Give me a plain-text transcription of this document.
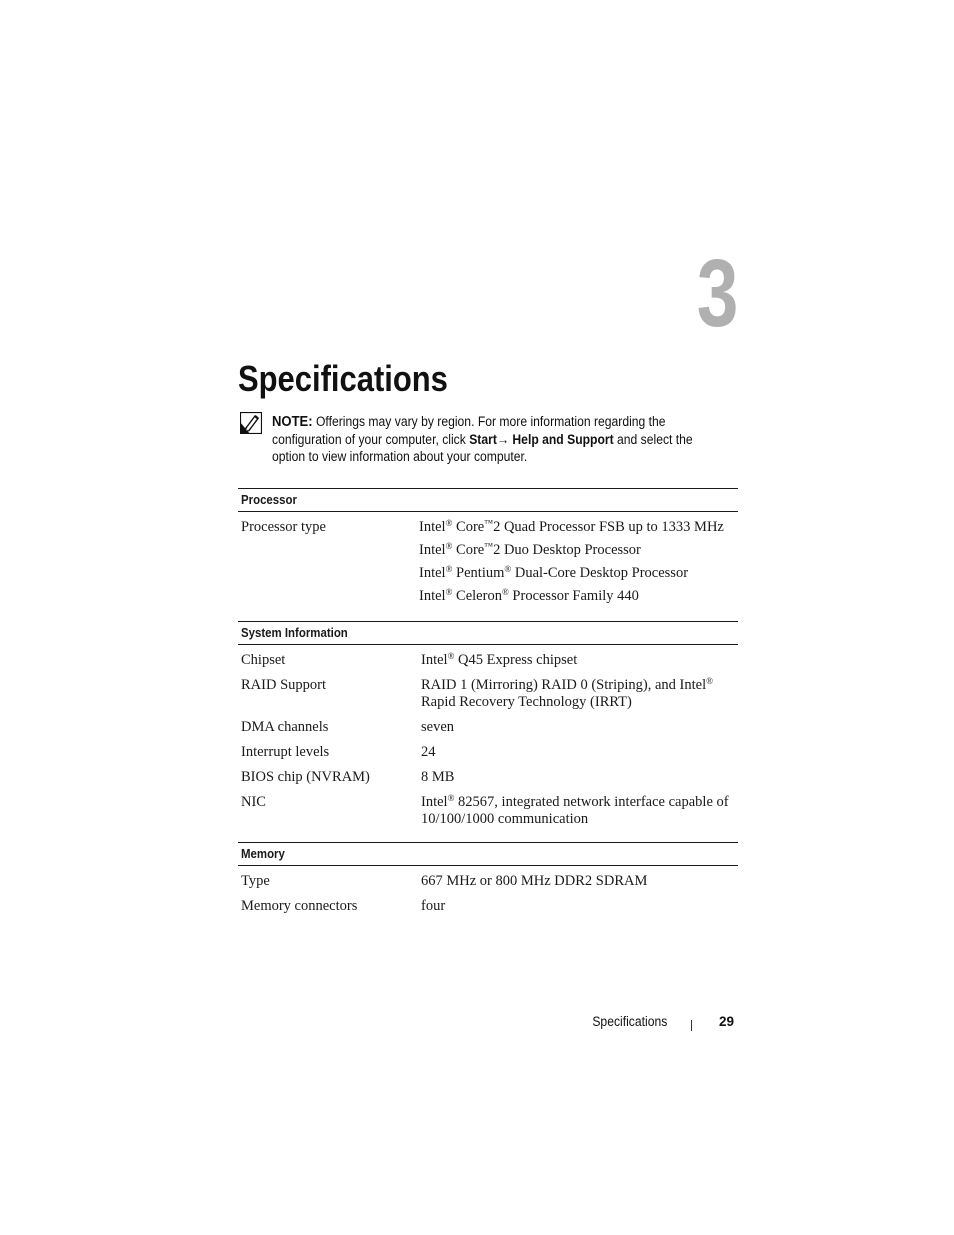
3
Specifications
NOTE: Offerings may vary by region. For more information regarding the configuration of your computer, click Start→ Help and Support and select the option to view information about your computer.
Processor
Processor type	Intel® Core™2 Quad Processor FSB up to 1333 MHz
Intel® Core™2 Duo Desktop Processor
Intel® Pentium® Dual-Core Desktop Processor
Intel® Celeron® Processor Family 440
System Information
Chipset	Intel® Q45 Express chipset
RAID Support	RAID 1 (Mirroring) RAID 0 (Striping), and Intel® Rapid Recovery Technology (IRRT)
DMA channels	seven
Interrupt levels	24
BIOS chip (NVRAM)	8 MB
NIC	Intel® 82567, integrated network interface capable of 10/100/1000 communication
Memory
Type	667 MHz or 800 MHz DDR2 SDRAM
Memory connectors	four
Specifications	29
